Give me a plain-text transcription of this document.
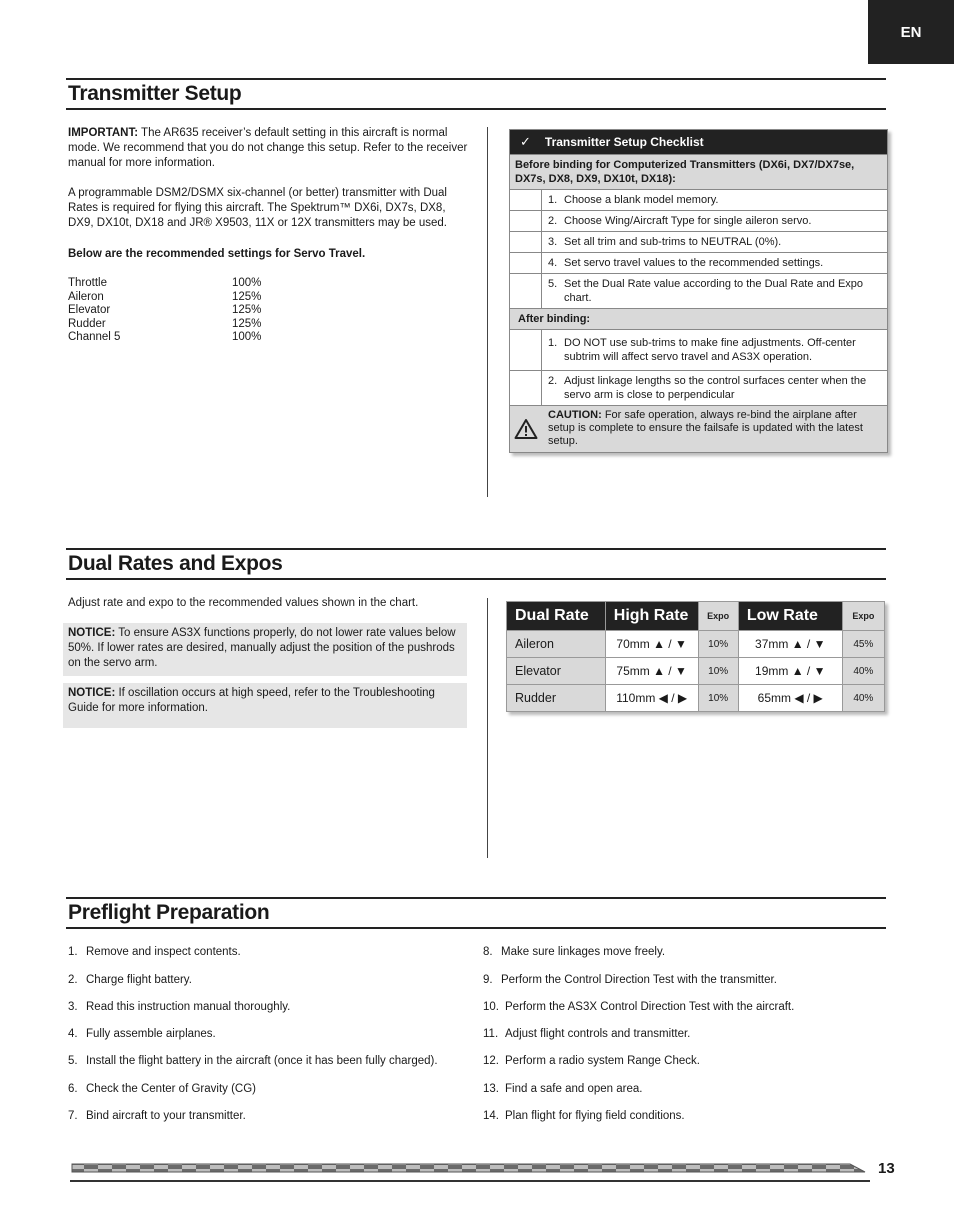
EN
Transmitter Setup
IMPORTANT: The AR635 receiver’s default setting in this aircraft is normal mode. We recommend that you do not change this setup. Refer to the receiver manual for more information.
A programmable DSM2/DSMX six-channel (or better) transmitter with Dual Rates is required for flying this aircraft. The Spektrum™ DX6i, DX7s, DX8, DX9, DX10t, DX18 and JR® X9503, 11X or 12X transmitters may be used.
Below are the recommended settings for Servo Travel.
Throttle	100%
Aileron	125%
Elevator	125%
Rudder	125%
Channel 5	100%
✓ Transmitter Setup Checklist
Before binding for Computerized Transmitters (DX6i, DX7/DX7se, DX7s, DX8, DX9, DX10t, DX18):
1. Choose a blank model memory.
2. Choose Wing/Aircraft Type for single aileron servo.
3. Set all trim and sub-trims to NEUTRAL (0%).
4. Set servo travel values to the recommended settings.
5. Set the Dual Rate value according to the Dual Rate and Expo chart.
After binding:
1. DO NOT use sub-trims to make fine adjustments. Off-center subtrim will affect servo travel and AS3X operation.
2. Adjust linkage lengths so the control surfaces center when the servo arm is close to perpendicular
CAUTION: For safe operation, always re-bind the airplane after setup is complete to ensure the failsafe is updated with the latest setup.
Dual Rates and Expos
Adjust rate and expo to the recommended values shown in the chart.
NOTICE: To ensure AS3X functions properly, do not lower rate values below 50%. If lower rates are desired, manually adjust the position of the pushrods on the servo arm.
NOTICE: If oscillation occurs at high speed, refer to the Troubleshooting Guide for more information.
Dual Rate	High Rate	Expo	Low Rate	Expo
Aileron	70mm ▲ / ▼	10%	37mm ▲ / ▼	45%
Elevator	75mm ▲ / ▼	10%	19mm ▲ / ▼	40%
Rudder	110mm ◀ / ▶	10%	65mm ◀ / ▶	40%
Preflight Preparation
1. Remove and inspect contents.
2. Charge flight battery.
3. Read this instruction manual thoroughly.
4. Fully assemble airplanes.
5. Install the flight battery in the aircraft (once it has been fully charged).
6. Check the Center of Gravity (CG)
7. Bind aircraft to your transmitter.
8. Make sure linkages move freely.
9. Perform the Control Direction Test with the transmitter.
10. Perform the AS3X Control Direction Test with the aircraft.
11. Adjust flight controls and transmitter.
12. Perform a radio system Range Check.
13. Find a safe and open area.
14. Plan flight for flying field conditions.
13
